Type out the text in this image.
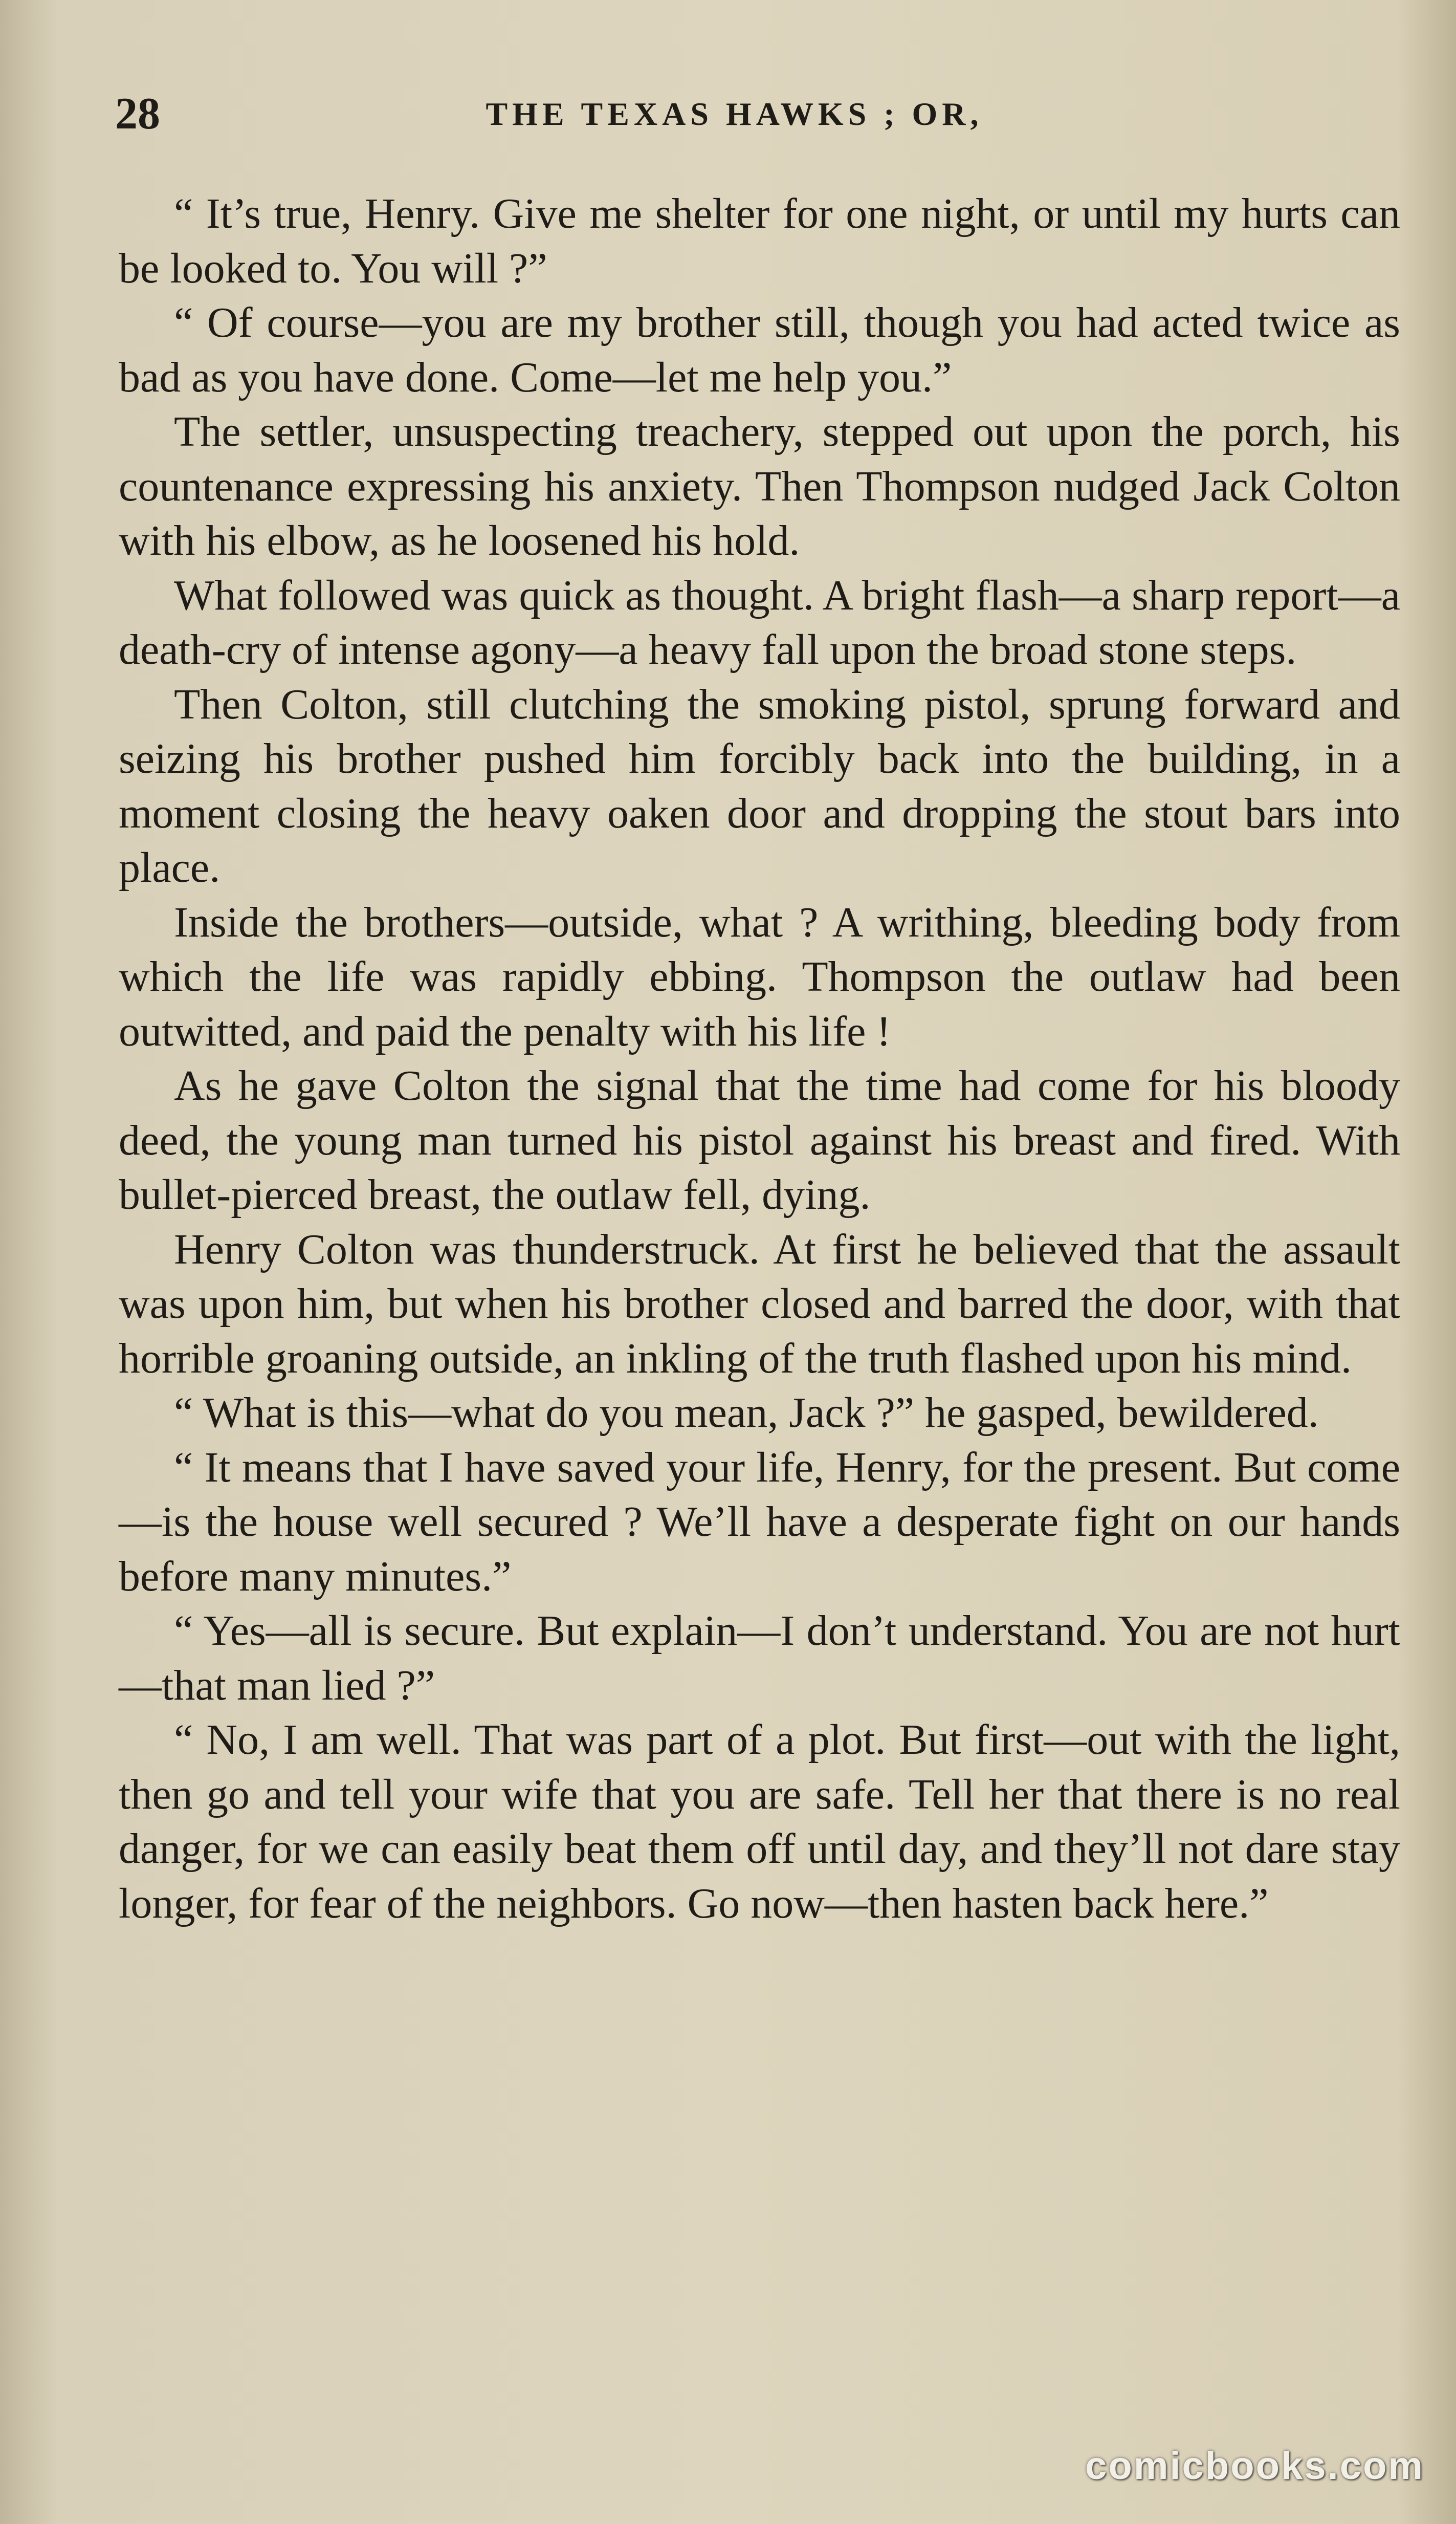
28	THE TEXAS HAWKS ; OR,

“ It’s true, Henry. Give me shelter for one night, or until my hurts can be looked to. You will ?”

“ Of course—you are my brother still, though you had acted twice as bad as you have done. Come—let me help you.”

The settler, unsuspecting treachery, stepped out upon the porch, his countenance expressing his anxiety. Then Thompson nudged Jack Colton with his elbow, as he loosened his hold.

What followed was quick as thought. A bright flash—a sharp report—a death-cry of intense agony—a heavy fall upon the broad stone steps.

Then Colton, still clutching the smoking pistol, sprung forward and seizing his brother pushed him forcibly back into the building, in a moment closing the heavy oaken door and dropping the stout bars into place.

Inside the brothers—outside, what ? A writhing, bleeding body from which the life was rapidly ebbing. Thompson the outlaw had been outwitted, and paid the penalty with his life !

As he gave Colton the signal that the time had come for his bloody deed, the young man turned his pistol against his breast and fired. With bullet-pierced breast, the outlaw fell, dying.

Henry Colton was thunderstruck. At first he believed that the assault was upon him, but when his brother closed and barred the door, with that horrible groaning outside, an inkling of the truth flashed upon his mind.

“ What is this—what do you mean, Jack ?” he gasped, bewildered.

“ It means that I have saved your life, Henry, for the present. But come—is the house well secured ? We’ll have a desperate fight on our hands before many minutes.”

“ Yes—all is secure. But explain—I don’t understand. You are not hurt—that man lied ?”

“ No, I am well. That was part of a plot. But first—out with the light, then go and tell your wife that you are safe. Tell her that there is no real danger, for we can easily beat them off until day, and they’ll not dare stay longer, for fear of the neighbors. Go now—then hasten back here.”

comicbooks.com
